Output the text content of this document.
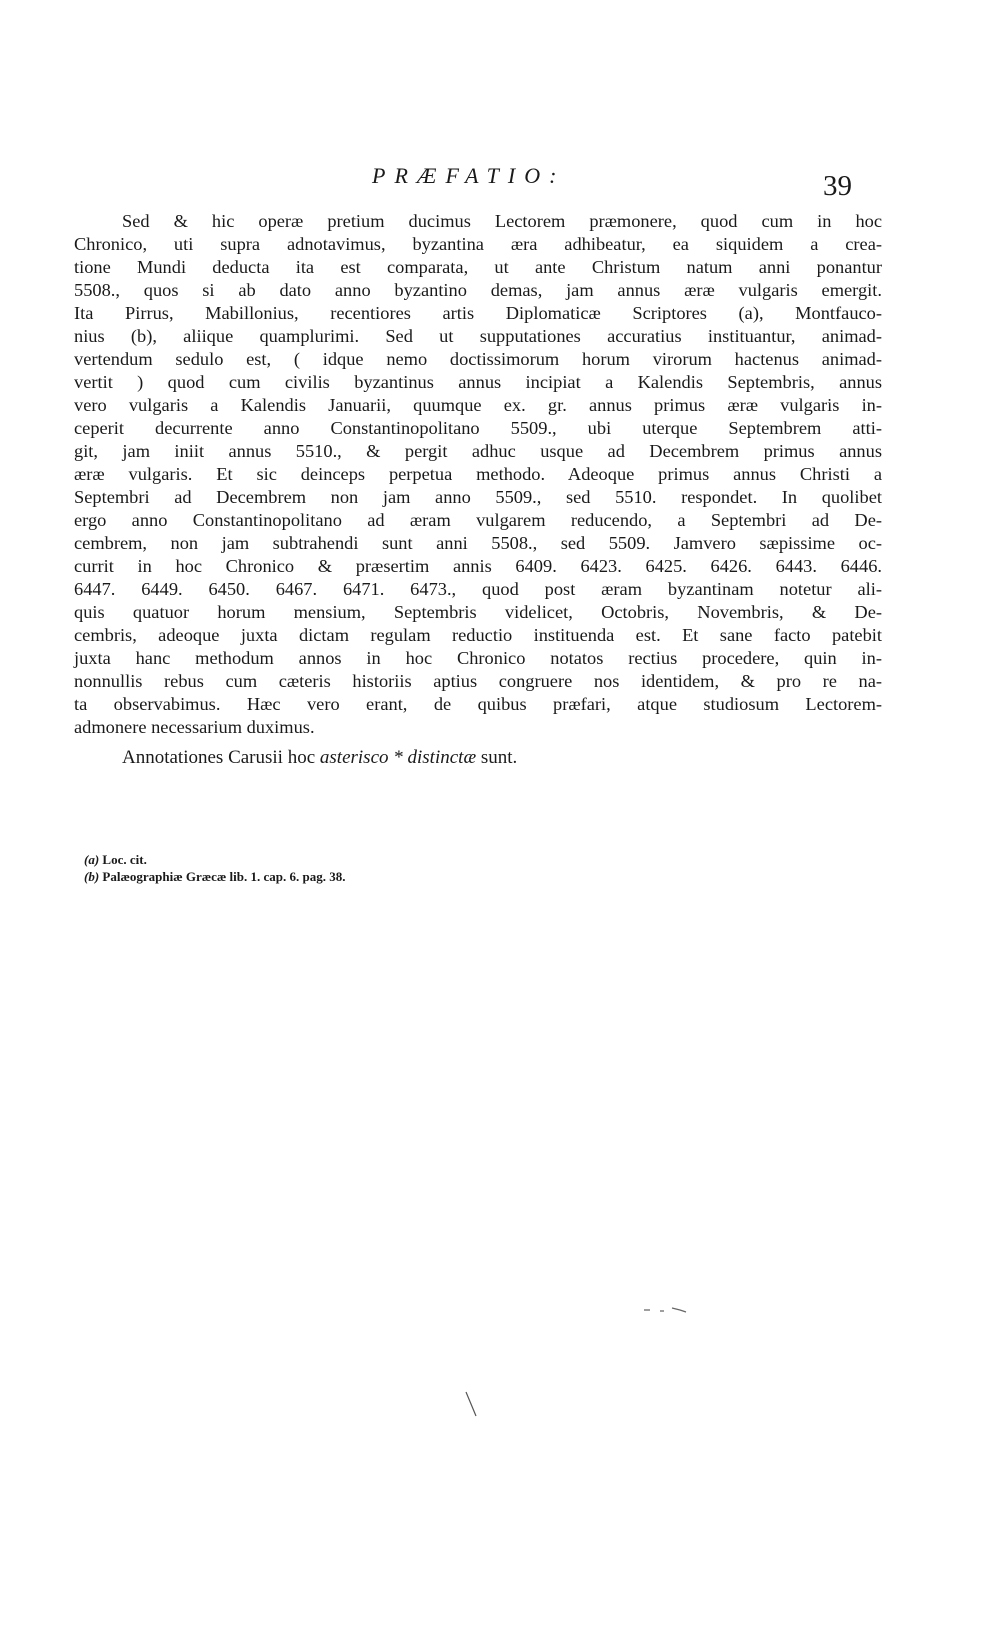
PRÆFATIO:	39
Sed & hic operæ pretium ducimus Lectorem præmonere, quod cum in hoc
Chronico, uti supra adnotavimus, byzantina æra adhibeatur, ea siquidem a crea-
tione Mundi deducta ita est comparata, ut ante Christum natum anni ponantur
5508., quos si ab dato anno byzantino demas, jam annus æræ vulgaris emergit.
Ita Pirrus, Mabillonius, recentiores artis Diplomaticæ Scriptores (a), Montfauco-
nius (b), aliique quamplurimi. Sed ut supputationes accuratius instituantur, animad-
vertendum sedulo est, ( idque nemo doctissimorum horum virorum hactenus animad-
vertit ) quod cum civilis byzantinus annus incipiat a Kalendis Septembris, annus
vero vulgaris a Kalendis Januarii, quumque ex. gr. annus primus æræ vulgaris in-
ceperit decurrente anno Constantinopolitano 5509., ubi uterque Septembrem atti-
git, jam iniit annus 5510., & pergit adhuc usque ad Decembrem primus annus
æræ vulgaris. Et sic deinceps perpetua methodo. Adeoque primus annus Christi a
Septembri ad Decembrem non jam anno 5509., sed 5510. respondet. In quolibet
ergo anno Constantinopolitano ad æram vulgarem reducendo, a Septembri ad De-
cembrem, non jam subtrahendi sunt anni 5508., sed 5509. Jamvero sæpissime oc-
currit in hoc Chronico & præsertim annis 6409. 6423. 6425. 6426. 6443. 6446.
6447. 6449. 6450. 6467. 6471. 6473., quod post æram byzantinam notetur ali-
quis quatuor horum mensium, Septembris videlicet, Octobris, Novembris, & De-
cembris, adeoque juxta dictam regulam reductio instituenda est. Et sane facto patebit
juxta hanc methodum annos in hoc Chronico notatos rectius procedere, quin in-
nonnullis rebus cum cæteris historiis aptius congruere nos identidem, & pro re na-
ta observabimus. Hæc vero erant, de quibus præfari, atque studiosum Lectorem-
admonere necessarium duximus.
Annotationes Carusii hoc asterisco * distinctæ sunt.
(a) Loc. cit.
(b) Palæographiæ Græcæ lib. 1. cap. 6. pag. 38.
